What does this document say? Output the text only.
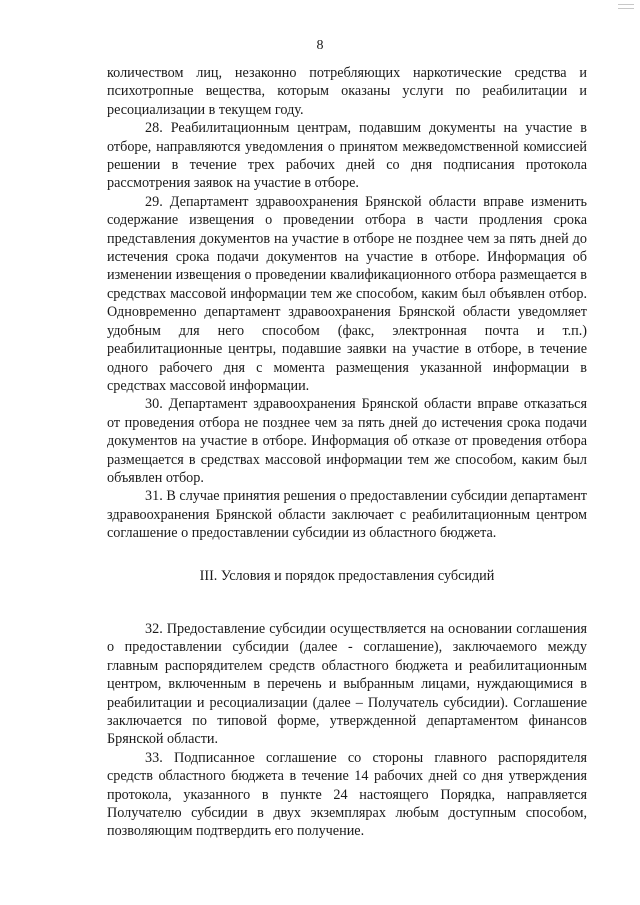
8

количеством лиц, незаконно потребляющих наркотические средства и психотропные вещества, которым оказаны услуги по реабилитации и ресоциализации в текущем году.

28. Реабилитационным центрам, подавшим документы на участие в отборе, направляются уведомления о принятом межведомственной комиссией решении в течение трех рабочих дней со дня подписания протокола рассмотрения заявок на участие в отборе.

29. Департамент здравоохранения Брянской области вправе изменить содержание извещения о проведении отбора в части продления срока представления документов на участие в отборе не позднее чем за пять дней до истечения срока подачи документов на участие в отборе. Информация об изменении извещения о проведении квалификационного отбора размещается в средствах массовой информации тем же способом, каким был объявлен отбор. Одновременно департамент здравоохранения Брянской области уведомляет удобным для него способом (факс, электронная почта и т.п.) реабилитационные центры, подавшие заявки на участие в отборе, в течение одного рабочего дня с момента размещения указанной информации в средствах массовой информации.

30. Департамент здравоохранения Брянской области вправе отказаться от проведения отбора не позднее чем за пять дней до истечения срока подачи документов на участие в отборе. Информация об отказе от проведения отбора размещается в средствах массовой информации тем же способом, каким был объявлен отбор.

31. В случае принятия решения о предоставлении субсидии департамент здравоохранения Брянской области заключает с реабилитационным центром соглашение о предоставлении субсидии из областного бюджета.

III. Условия и порядок предоставления субсидий

32. Предоставление субсидии осуществляется на основании соглашения о предоставлении субсидии (далее - соглашение), заключаемого между главным распорядителем средств областного бюджета и реабилитационным центром, включенным в перечень и выбранным лицами, нуждающимися в реабилитации и ресоциализации (далее – Получатель субсидии). Соглашение заключается по типовой форме, утвержденной департаментом финансов Брянской области.

33. Подписанное соглашение со стороны главного распорядителя средств областного бюджета в течение 14 рабочих дней со дня утверждения протокола, указанного в пункте 24 настоящего Порядка, направляется Получателю субсидии в двух экземплярах любым доступным способом, позволяющим подтвердить его получение.
